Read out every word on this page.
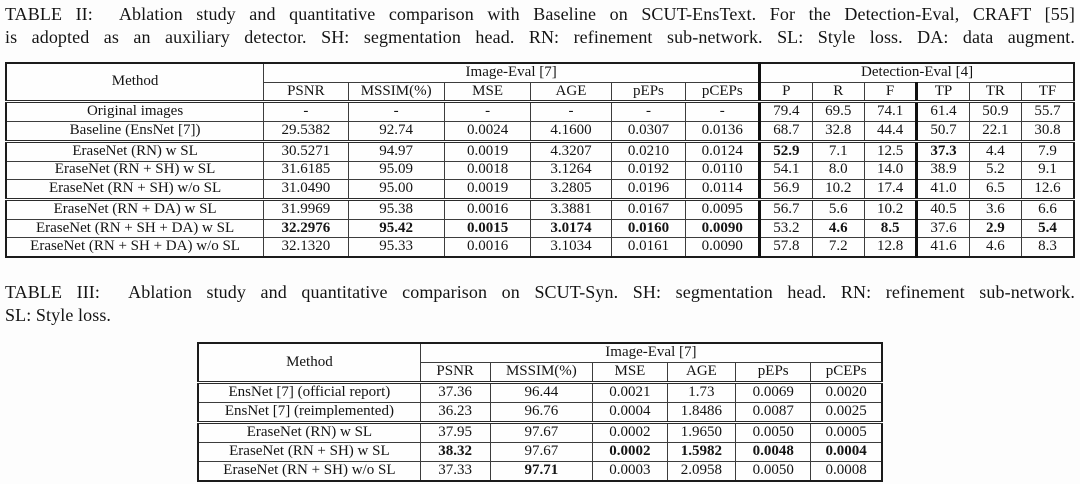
TABLE II:  Ablation study and quantitative comparison with Baseline on SCUT-EnsText. For the Detection-Eval, CRAFT [55]
is adopted as an auxiliary detector. SH: segmentation head. RN: refinement sub-network. SL: Style loss. DA: data augment.
Method	Image-Eval [7]						Detection-Eval [4]					
	PSNR	MSSIM(%)	MSE	AGE	pEPs	pCEPs	P	R	F	TP	TR	TF
Original images	-	-	-	-	-	-	79.4	69.5	74.1	61.4	50.9	55.7
Baseline (EnsNet [7])	29.5382	92.74	0.0024	4.1600	0.0307	0.0136	68.7	32.8	44.4	50.7	22.1	30.8
EraseNet (RN) w SL	30.5271	94.97	0.0019	4.3207	0.0210	0.0124	52.9	7.1	12.5	37.3	4.4	7.9
EraseNet (RN + SH) w SL	31.6185	95.09	0.0018	3.1264	0.0192	0.0110	54.1	8.0	14.0	38.9	5.2	9.1
EraseNet (RN + SH) w/o SL	31.0490	95.00	0.0019	3.2805	0.0196	0.0114	56.9	10.2	17.4	41.0	6.5	12.6
EraseNet (RN + DA) w SL	31.9969	95.38	0.0016	3.3881	0.0167	0.0095	56.7	5.6	10.2	40.5	3.6	6.6
EraseNet (RN + SH + DA) w SL	32.2976	95.42	0.0015	3.0174	0.0160	0.0090	53.2	4.6	8.5	37.6	2.9	5.4
EraseNet (RN + SH + DA) w/o SL	32.1320	95.33	0.0016	3.1034	0.0161	0.0090	57.8	7.2	12.8	41.6	4.6	8.3
TABLE III:  Ablation study and quantitative comparison on SCUT-Syn. SH: segmentation head. RN: refinement sub-network.
SL: Style loss.
Method	Image-Eval [7]					
	PSNR	MSSIM(%)	MSE	AGE	pEPs	pCEPs
EnsNet [7] (official report)	37.36	96.44	0.0021	1.73	0.0069	0.0020
EnsNet [7] (reimplemented)	36.23	96.76	0.0004	1.8486	0.0087	0.0025
EraseNet (RN) w SL	37.95	97.67	0.0002	1.9650	0.0050	0.0005
EraseNet (RN + SH) w SL	38.32	97.67	0.0002	1.5982	0.0048	0.0004
EraseNet (RN + SH) w/o SL	37.33	97.71	0.0003	2.0958	0.0050	0.0008
